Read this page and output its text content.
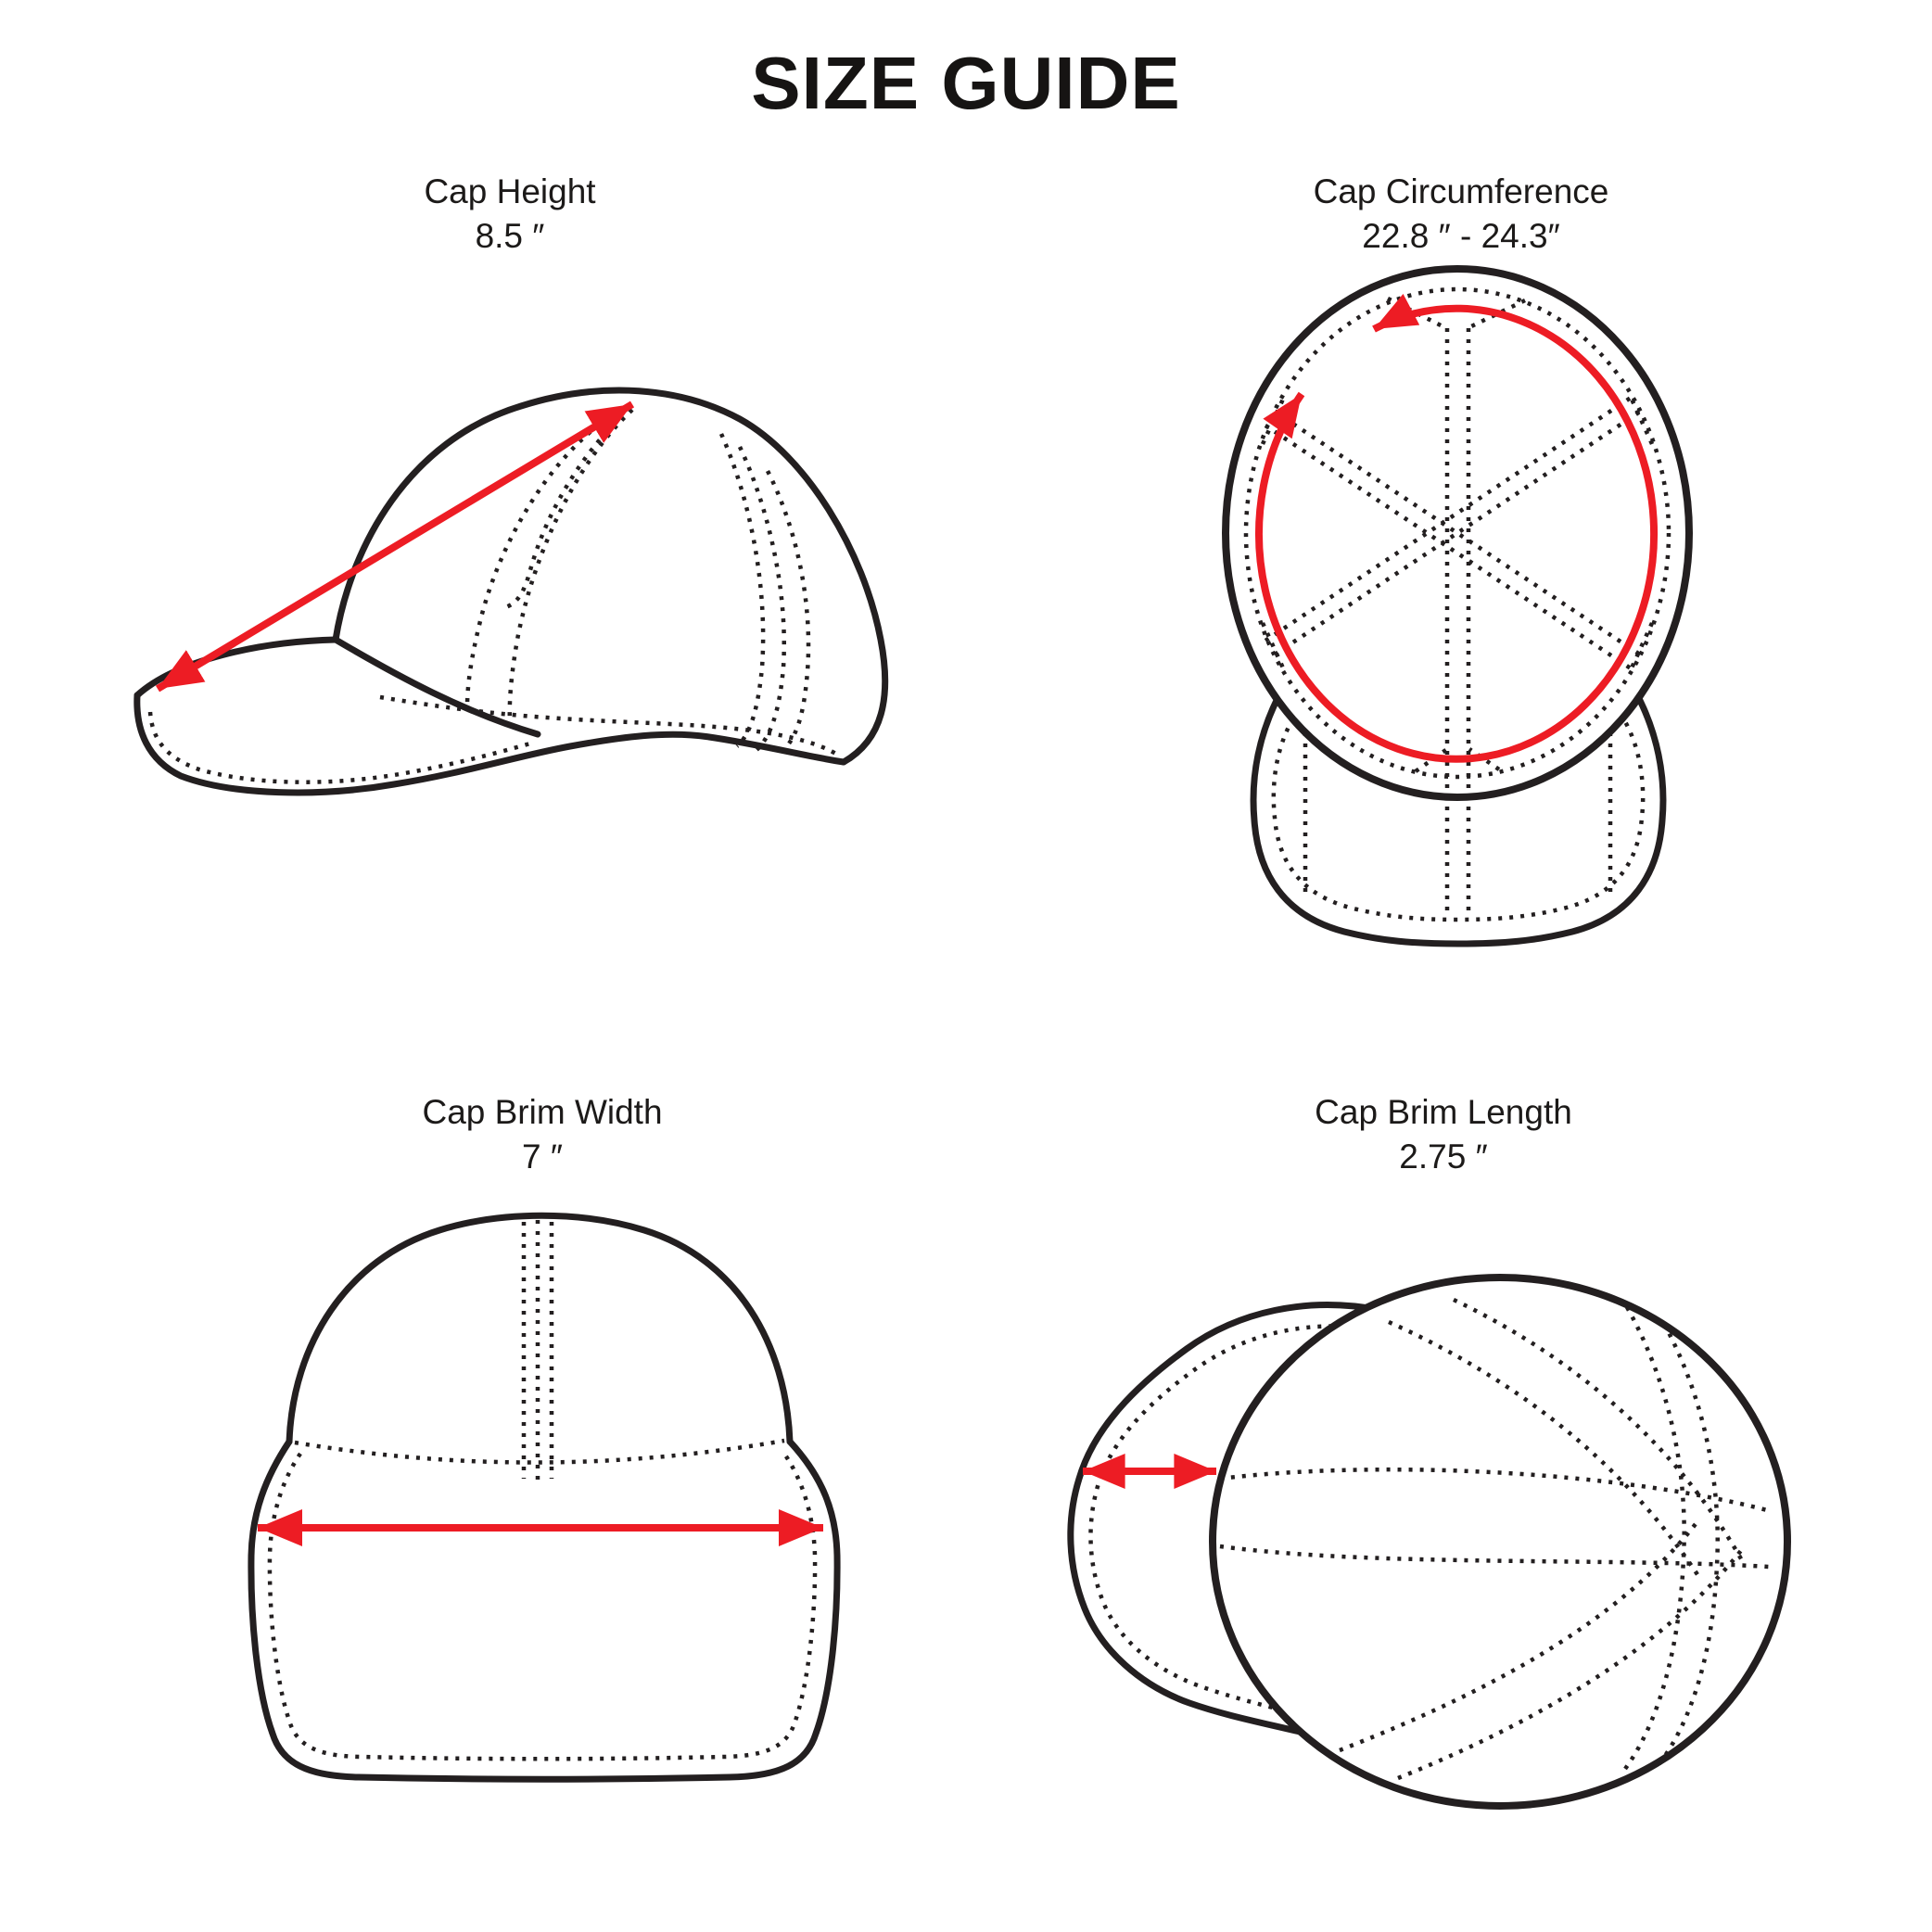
SIZE GUIDE
Cap Height
8.5 ″
Cap Circumference
22.8 ″ - 24.3″
Cap Brim Width
7 ″
Cap Brim Length
2.75 ″
